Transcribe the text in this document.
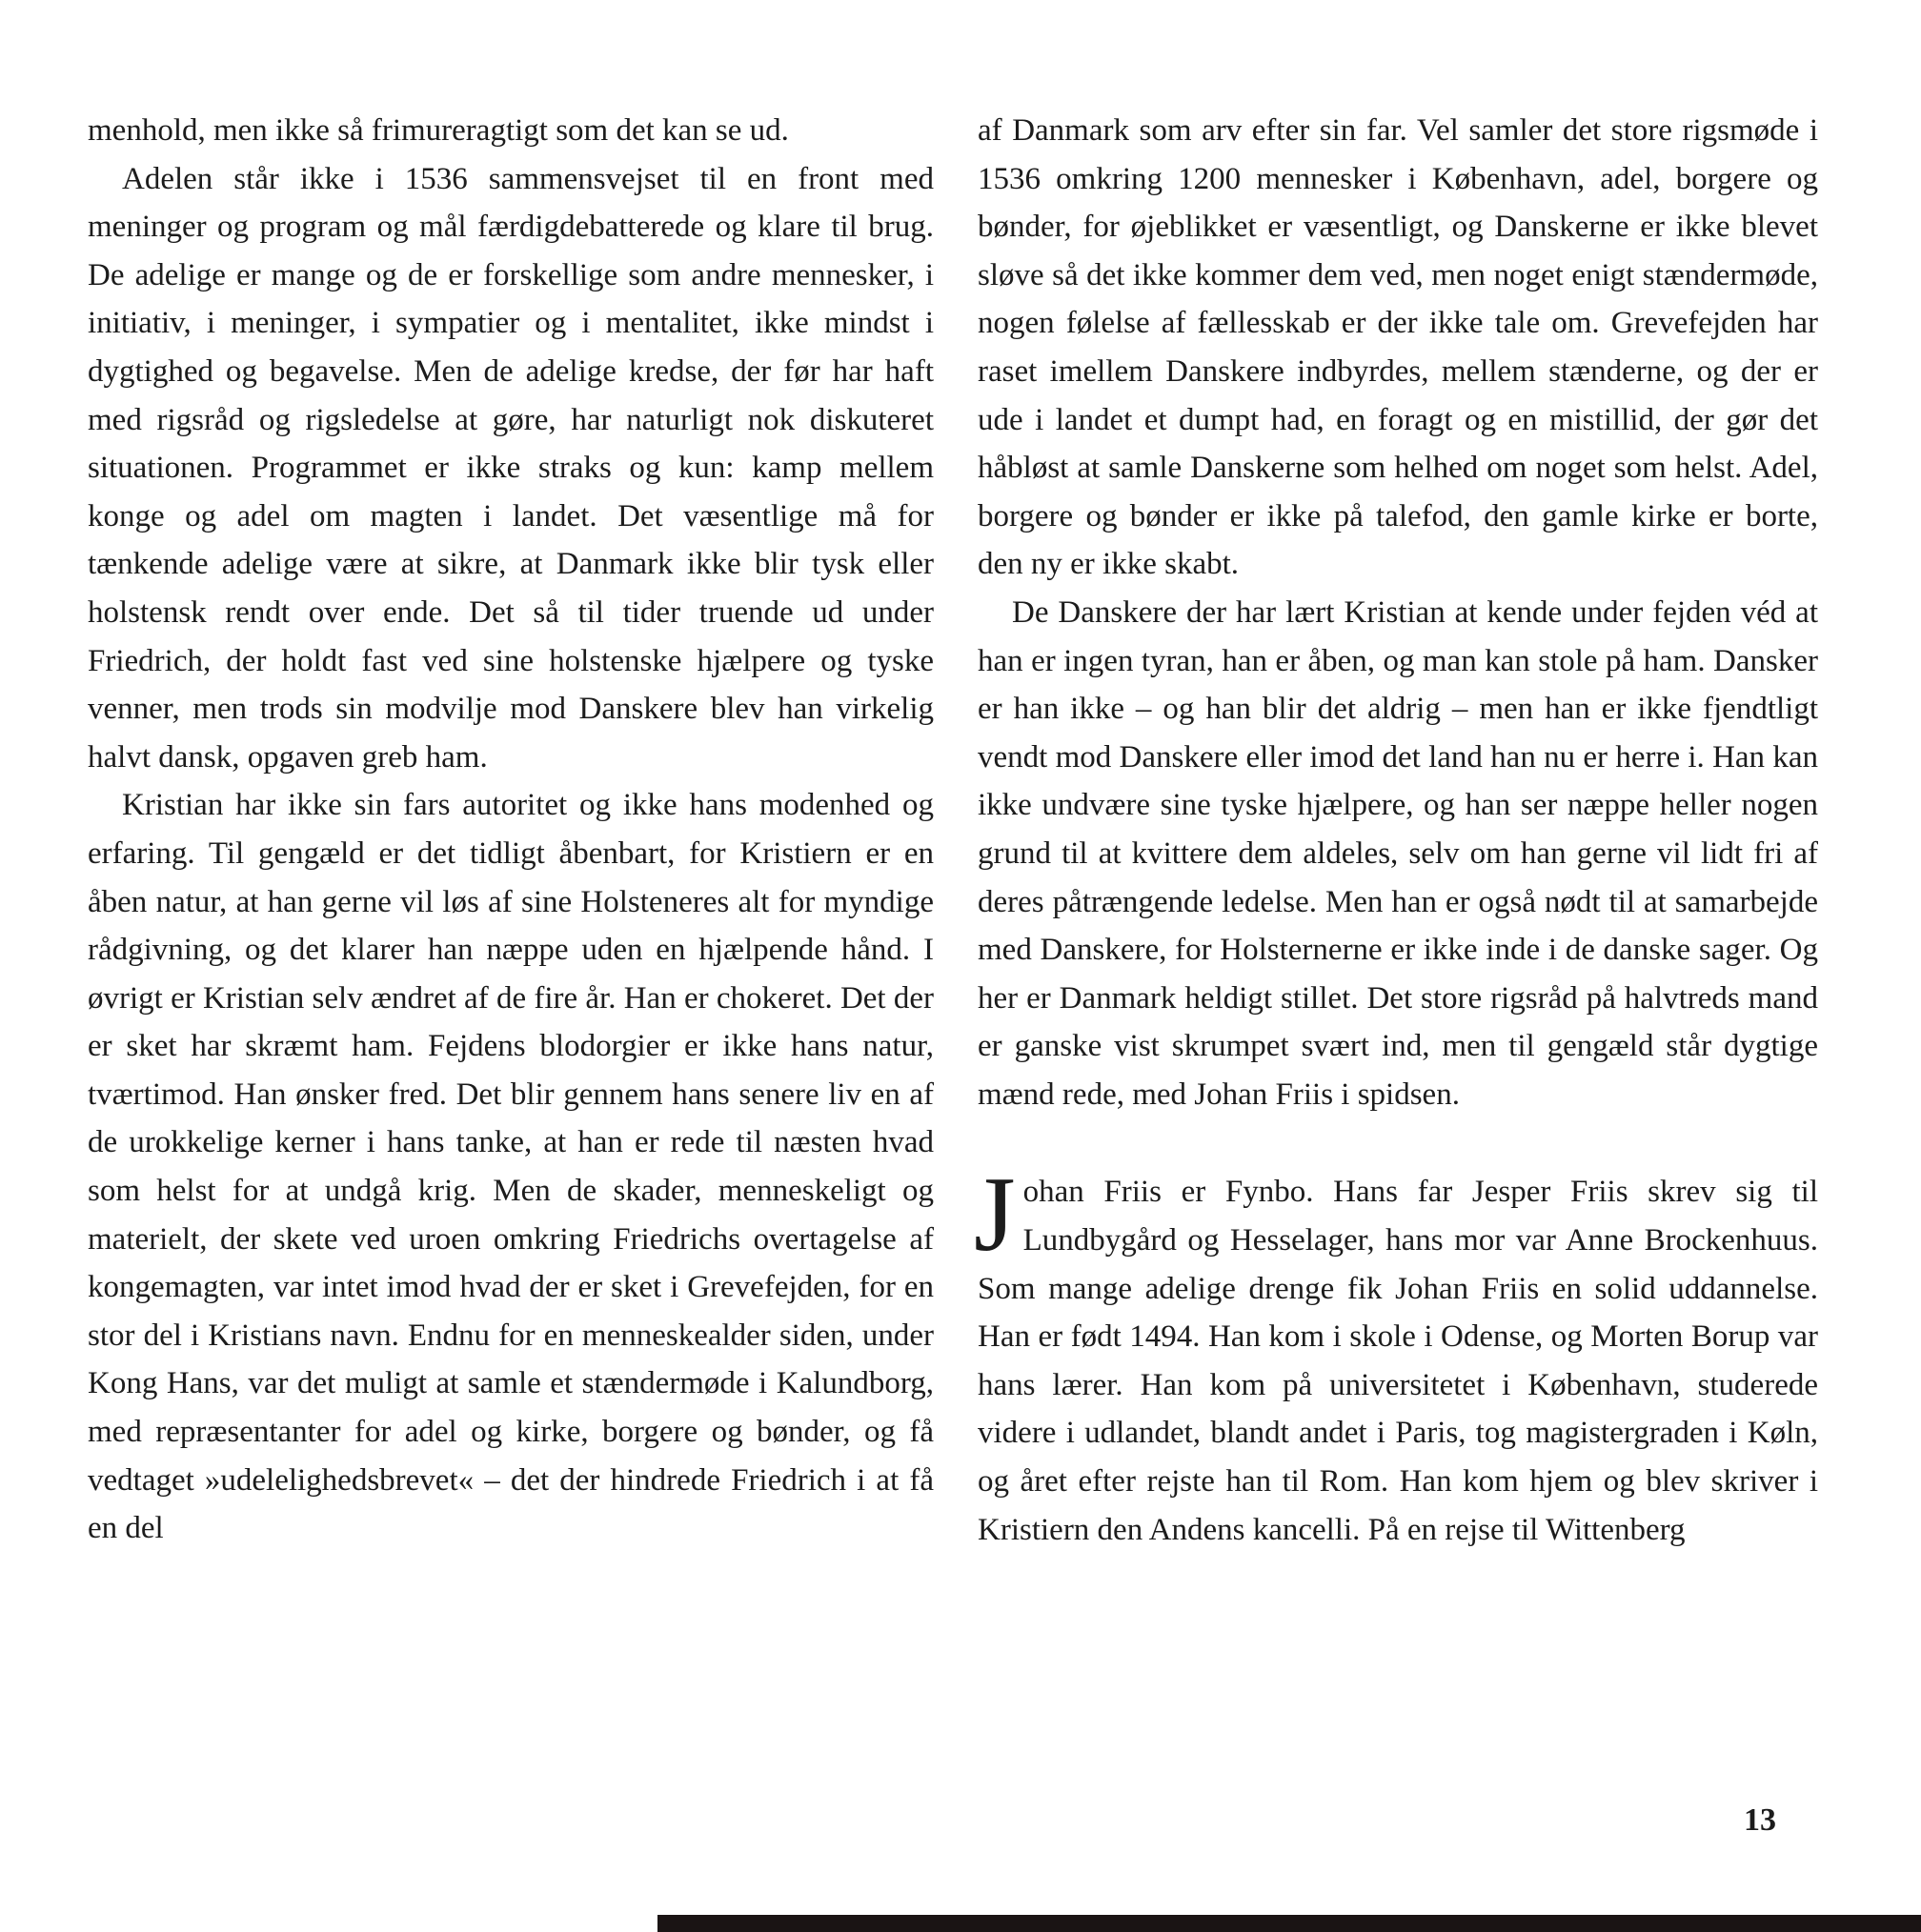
menhold, men ikke så frimureragtigt som det kan se ud.

Adelen står ikke i 1536 sammensvejset til en front med meninger og program og mål færdigdebatterede og klare til brug. De adelige er mange og de er forskellige som andre mennesker, i initiativ, i meninger, i sympatier og i mentalitet, ikke mindst i dygtighed og begavelse. Men de adelige kredse, der før har haft med rigsråd og rigsledelse at gøre, har naturligt nok diskuteret situationen. Programmet er ikke straks og kun: kamp mellem konge og adel om magten i landet. Det væsentlige må for tænkende adelige være at sikre, at Danmark ikke blir tysk eller holstensk rendt over ende. Det så til tider truende ud under Friedrich, der holdt fast ved sine holstenske hjælpere og tyske venner, men trods sin modvilje mod Danskere blev han virkelig halvt dansk, opgaven greb ham.

Kristian har ikke sin fars autoritet og ikke hans modenhed og erfaring. Til gengæld er det tidligt åbenbart, for Kristiern er en åben natur, at han gerne vil løs af sine Holsteneres alt for myndige rådgivning, og det klarer han næppe uden en hjælpende hånd. I øvrigt er Kristian selv ændret af de fire år. Han er chokeret. Det der er sket har skræmt ham. Fejdens blodorgier er ikke hans natur, tværtimod. Han ønsker fred. Det blir gennem hans senere liv en af de urokkelige kerner i hans tanke, at han er rede til næsten hvad som helst for at undgå krig. Men de skader, menneskeligt og materielt, der skete ved uroen omkring Friedrichs overtagelse af kongemagten, var intet imod hvad der er sket i Grevefejden, for en stor del i Kristians navn. Endnu for en menneskealder siden, under Kong Hans, var det muligt at samle et stændermøde i Kalundborg, med repræsentanter for adel og kirke, borgere og bønder, og få vedtaget »udelelighedsbrevet« – det der hindrede Friedrich i at få en del

af Danmark som arv efter sin far. Vel samler det store rigsmøde i 1536 omkring 1200 mennesker i København, adel, borgere og bønder, for øjeblikket er væsentligt, og Danskerne er ikke blevet sløve så det ikke kommer dem ved, men noget enigt stændermøde, nogen følelse af fællesskab er der ikke tale om. Grevefejden har raset imellem Danskere indbyrdes, mellem stænderne, og der er ude i landet et dumpt had, en foragt og en mistillid, der gør det håbløst at samle Danskerne som helhed om noget som helst. Adel, borgere og bønder er ikke på talefod, den gamle kirke er borte, den ny er ikke skabt.

De Danskere der har lært Kristian at kende under fejden véd at han er ingen tyran, han er åben, og man kan stole på ham. Dansker er han ikke – og han blir det aldrig – men han er ikke fjendtligt vendt mod Danskere eller imod det land han nu er herre i. Han kan ikke undvære sine tyske hjælpere, og han ser næppe heller nogen grund til at kvittere dem aldeles, selv om han gerne vil lidt fri af deres påtrængende ledelse. Men han er også nødt til at samarbejde med Danskere, for Holsternerne er ikke inde i de danske sager. Og her er Danmark heldigt stillet. Det store rigsråd på halvtreds mand er ganske vist skrumpet svært ind, men til gengæld står dygtige mænd rede, med Johan Friis i spidsen.

Johan Friis er Fynbo. Hans far Jesper Friis skrev sig til Lundbygård og Hesselager, hans mor var Anne Brockenhuus. Som mange adelige drenge fik Johan Friis en solid uddannelse. Han er født 1494. Han kom i skole i Odense, og Morten Borup var hans lærer. Han kom på universitetet i København, studerede videre i udlandet, blandt andet i Paris, tog magistergraden i Køln, og året efter rejste han til Rom. Han kom hjem og blev skriver i Kristiern den Andens kancelli. På en rejse til Wittenberg

13
